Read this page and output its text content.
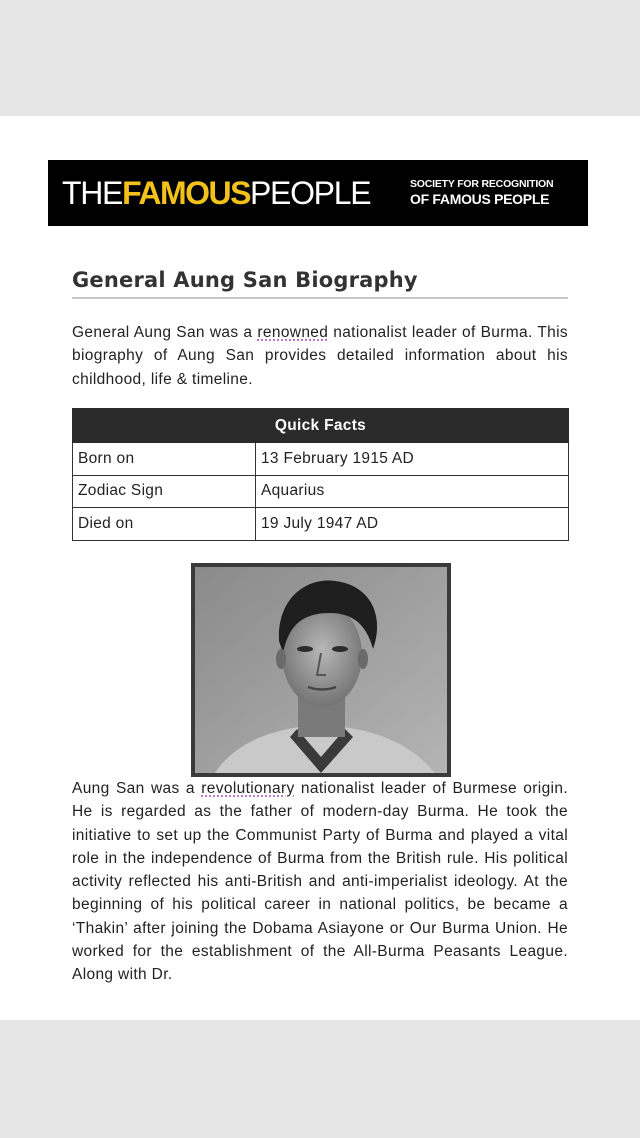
THEFAMOUSPEOPLE	SOCIETY FOR RECOGNITION
OF FAMOUS PEOPLE
General Aung San Biography

General Aung San was a renowned nationalist leader of Burma. This biography of Aung San provides detailed information about his childhood, life & timeline.

Quick Facts	
Born on	13 February 1915 AD
Zodiac Sign	Aquarius
Died on	19 July 1947 AD

Aung San was a revolutionary nationalist leader of Burmese origin. He is regarded as the father of modern-day Burma. He took the initiative to set up the Communist Party of Burma and played a vital role in the independence of Burma from the British rule. His political activity reflected his anti-British and anti-imperialist ideology. At the beginning of his political career in national politics, be became a ‘Thakin’ after joining the Dobama Asiayone or Our Burma Union. He worked for the establishment of the All-Burma Peasants League. Along with Dr.
